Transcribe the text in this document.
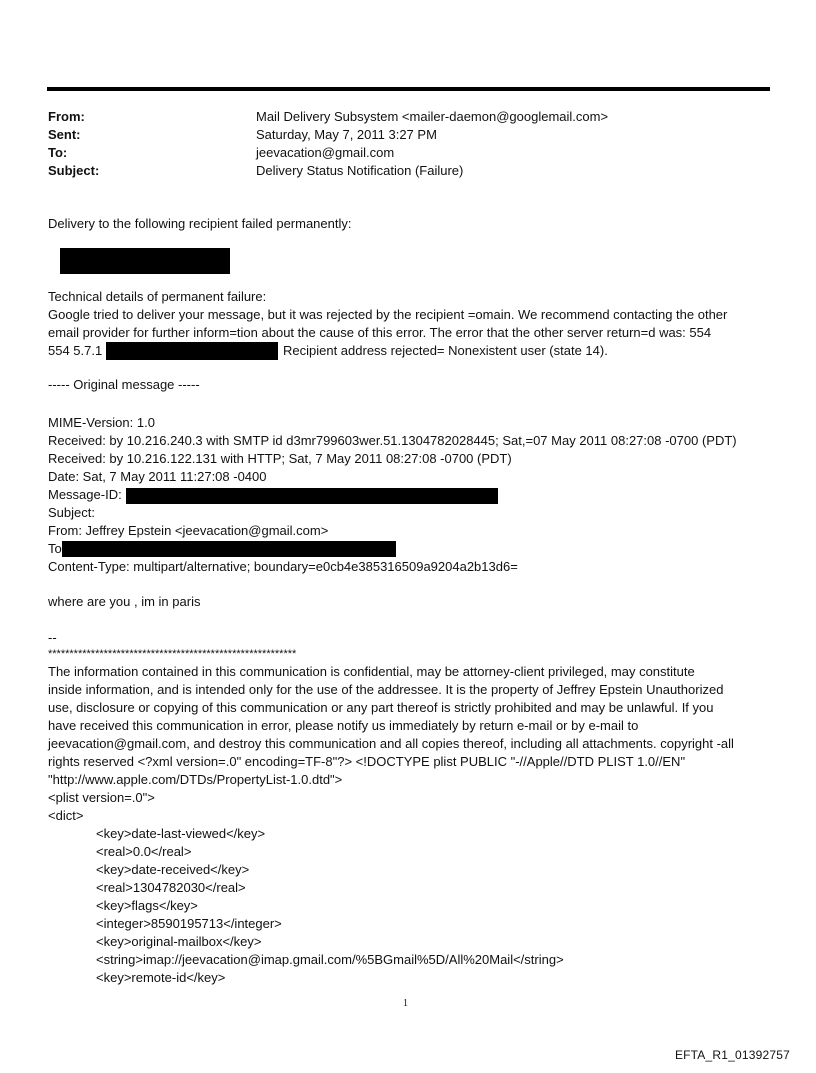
From:	Mail Delivery Subsystem <mailer-daemon@googlemail.com>
Sent:	Saturday, May 7, 2011 3:27 PM
To:	jeevacation@gmail.com
Subject:	Delivery Status Notification (Failure)
Delivery to the following recipient failed permanently:
Technical details of permanent failure:
Google tried to deliver your message, but it was rejected by the recipient =omain. We recommend contacting the other
email provider for further inform=tion about the cause of this error. The error that the other server return=d was: 554
554 5.7.1	Recipient address rejected= Nonexistent user (state 14).
----- Original message -----
MIME-Version: 1.0
Received: by 10.216.240.3 with SMTP id d3mr799603wer.51.1304782028445; Sat,=07 May 2011 08:27:08 -0700 (PDT)
Received: by 10.216.122.131 with HTTP; Sat, 7 May 2011 08:27:08 -0700 (PDT)
Date: Sat, 7 May 2011 11:27:08 -0400
Message-ID:
Subject:
From: Jeffrey Epstein <jeevacation@gmail.com>
To
Content-Type: multipart/alternative; boundary=e0cb4e385316509a9204a2b13d6=
where are you , im in paris
--
**********************************************************
The information contained in this communication is confidential, may be attorney-client privileged, may constitute
inside information, and is intended only for the use of the addressee. It is the property of Jeffrey Epstein Unauthorized
use, disclosure or copying of this communication or any part thereof is strictly prohibited and may be unlawful. If you
have received this communication in error, please notify us immediately by return e-mail or by e-mail to
jeevacation@gmail.com, and destroy this communication and all copies thereof, including all attachments. copyright -all
rights reserved <?xml version=.0" encoding=TF-8"?> <!DOCTYPE plist PUBLIC "-//Apple//DTD PLIST 1.0//EN"
"http://www.apple.com/DTDs/PropertyList-1.0.dtd">
<plist version=.0">
<dict>
<key>date-last-viewed</key>
<real>0.0</real>
<key>date-received</key>
<real>1304782030</real>
<key>flags</key>
<integer>8590195713</integer>
<key>original-mailbox</key>
<string>imap://jeevacation@imap.gmail.com/%5BGmail%5D/All%20Mail</string>
<key>remote-id</key>
1
EFTA_R1_01392757
